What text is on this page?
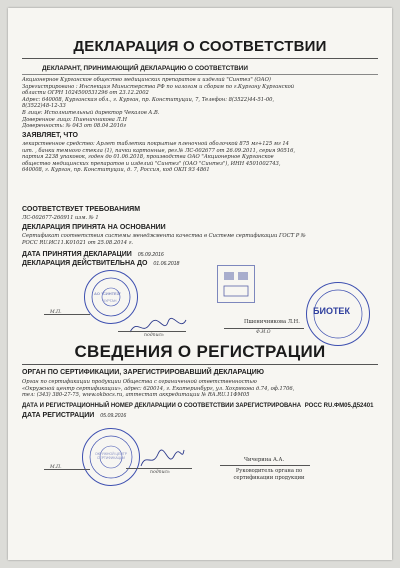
ДЕКЛАРАЦИЯ О СООТВЕТСТВИИ
ДЕКЛАРАНТ, ПРИНИМАЮЩИЙ ДЕКЛАРАЦИЮ О СООТВЕТСТВИИ
Акционерное Курганское общество медицинских препаратов и изделий "Синтез" (ОАО)
Зарегистрировано : Инспекция Министерства РФ по налогам и сборам по г.Кургану Курганской
области ОГРН 1024500531296 от 23.12.2002
Адрес: 640008, Курганская обл., г. Курган, пр. Конституции, 7, Телефон: 8(3522)44-51-00,
8(3522)48-12-33
В лице: Исполнительный директор Чекалов А.В.
Доверенное лицо: Пшеничникова Л.Н
Доверенность: № 043 от 08.04.2016г
ЗАЯВЛЯЕТ, ЧТО
лекарственное средство: Арлет таблетки покрытые пленочной оболочкой 875 мг+125 мг 14
шт. , банки темного стекла (1), пачки картонные, рег.№ ЛС-002677 от 26.09.2011, серия 90516,
партия 2238 упаковок, годен до 01.06.2018, производства ОАО "Акционерное Курганское
общество медицинских препаратов и изделий "Синтез" (ОАО "Синтез"), ИНН 4501002743,
640008, г. Курган, пр. Конституции, д. 7, Россия, код ОКП 93 4861
СООТВЕТСТВУЕТ ТРЕБОВАНИЯМ
ЛС-002677-260911 изм. № 1
ДЕКЛАРАЦИЯ ПРИНЯТА НА ОСНОВАНИИ
Сертификат соответствия системы менеджмента качества в Системе сертификации ГОСТ Р №
РОСС RU.ИС11.К01021 от 25.08.2014 г.
ДАТА ПРИНЯТИЯ ДЕКЛАРАЦИИ 05.09.2016
ДЕКЛАРАЦИЯ ДЕЙСТВИТЕЛЬНА ДО 01.06.2018
АО "СИНТЕЗ"
КУРГАН
М.П.
подпись
Пшеничникова Л.Н.
Ф.И.О
БИОТЕК
СВЕДЕНИЯ О РЕГИСТРАЦИИ
ОРГАН ПО СЕРТИФИКАЦИИ, ЗАРЕГИСТРИРОВАВШИЙ ДЕКЛАРАЦИЮ
Орган по сертификации продукции Общества с ограниченной ответственностью
«Окружной центр сертификации», адрес: 620014, г. Екатеринбург, ул. Хохрякова д.74, оф.1706,
тел: (343) 380-27-75, www.okbocs.ru, аттестат аккредитации № RA.RU.11ФМ05
ДАТА И РЕГИСТРАЦИОННЫЙ НОМЕР ДЕКЛАРАЦИИ О СООТВЕТСТВИИ ЗАРЕГИСТРИРОВАНА РОСС RU.ФМ05.Д52401
ДАТА РЕГИСТРАЦИИ 05.09.2016
ОКРУЖНОЙ ЦЕНТР СЕРТИФИКАЦИИ
М.П.
подпись
Чичерина А.А.
Руководитель органа по
сертификации продукции
